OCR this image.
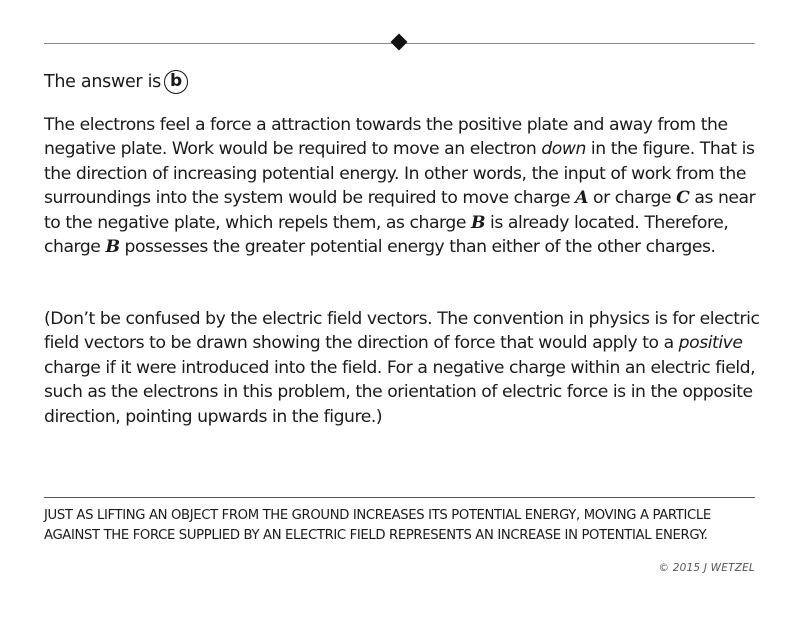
The answer is b

The electrons feel a force a attraction towards the positive plate and away from the negative plate. Work would be required to move an electron down in the figure. That is the direction of increasing potential energy. In other words, the input of work from the surroundings into the system would be required to move charge A or charge C as near to the negative plate, which repels them, as charge B is already located. Therefore, charge B possesses the greater potential energy than either of the other charges.

(Don’t be confused by the electric field vectors. The convention in physics is for electric field vectors to be drawn showing the direction of force that would apply to a positive charge if it were introduced into the field. For a negative charge within an electric field, such as the electrons in this problem, the orientation of electric force is in the opposite direction, pointing upwards in the figure.)

JUST AS LIFTING AN OBJECT FROM THE GROUND INCREASES ITS POTENTIAL ENERGY, MOVING A PARTICLE AGAINST THE FORCE SUPPLIED BY AN ELECTRIC FIELD REPRESENTS AN INCREASE IN POTENTIAL ENERGY.
© 2015 J WETZEL
